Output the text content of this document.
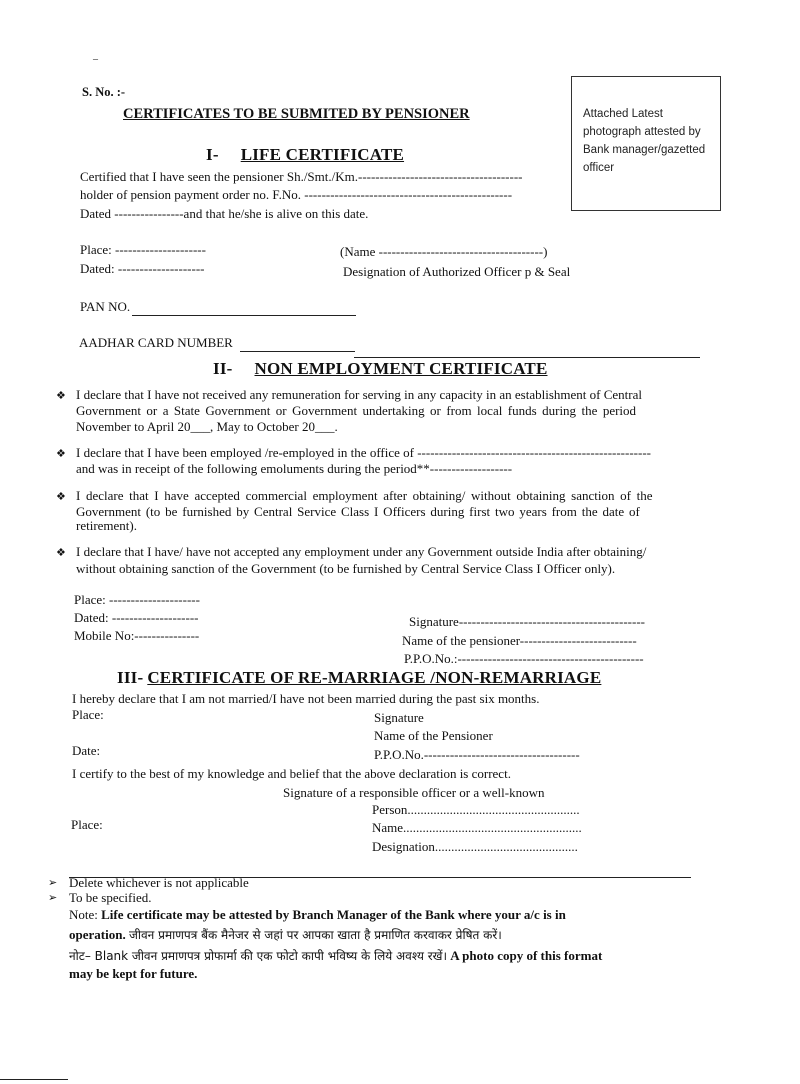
–
S. No. :-
CERTIFICATES TO BE SUBMITED BY PENSIONER	Attached Latest photograph attested by Bank manager/gazetted officer
I- LIFE CERTIFICATE
Certified that I have seen the pensioner Sh./Smt./Km.--------------------------------------
holder of pension payment order no. F.No. ------------------------------------------------
Dated ----------------and that he/she is alive on this date.
Place: ---------------------	(Name --------------------------------------)
Dated: --------------------	Designation of Authorized Officer p & Seal
PAN NO.
AADHAR CARD NUMBER
II- NON EMPLOYMENT CERTIFICATE
❖ I declare that I have not received any remuneration for serving in any capacity in an establishment of Central
Government or a State Government or Government undertaking or from local funds during the period
November to April 20___, May to October 20___.
❖ I declare that I have been employed /re-employed in the office of ------------------------------------------------------
and was in receipt of the following emoluments during the period**-------------------
❖ I declare that I have accepted commercial employment after obtaining/ without obtaining sanction of the
Government (to be furnished by Central Service Class I Officers during first two years from the date of
retirement).
❖ I declare that I have/ have not accepted any employment under any Government outside India after obtaining/
without obtaining sanction of the Government (to be furnished by Central Service Class I Officer only).
Place: ---------------------
Dated: --------------------	Signature-------------------------------------------
Mobile No:---------------	Name of the pensioner---------------------------
P.P.O.No.:-------------------------------------------
III- CERTIFICATE OF RE-MARRIAGE /NON-REMARRIAGE
I hereby declare that I am not married/I have not been married during the past six months.
Place:	Signature
Name of the Pensioner
Date:	P.P.O.No.------------------------------------
I certify to the best of my knowledge and belief that the above declaration is correct.
Signature of a responsible officer or a well-known
Person.....................................................
Place:	Name.......................................................
Designation............................................
➢ Delete whichever is not applicable
➢ To be specified.
Note: Life certificate may be attested by Branch Manager of the Bank where your a/c is in
operation. जीवन प्रमाणपत्र बैंक मैनेजर से जहां पर आपका खाता है प्रमाणित करवाकर प्रेषित करें।
नोट– Blank जीवन प्रमाणपत्र प्रोफार्मा की एक फोटो कापी भविष्य के लिये अवश्य रखें। A photo copy of this format
may be kept for future.
